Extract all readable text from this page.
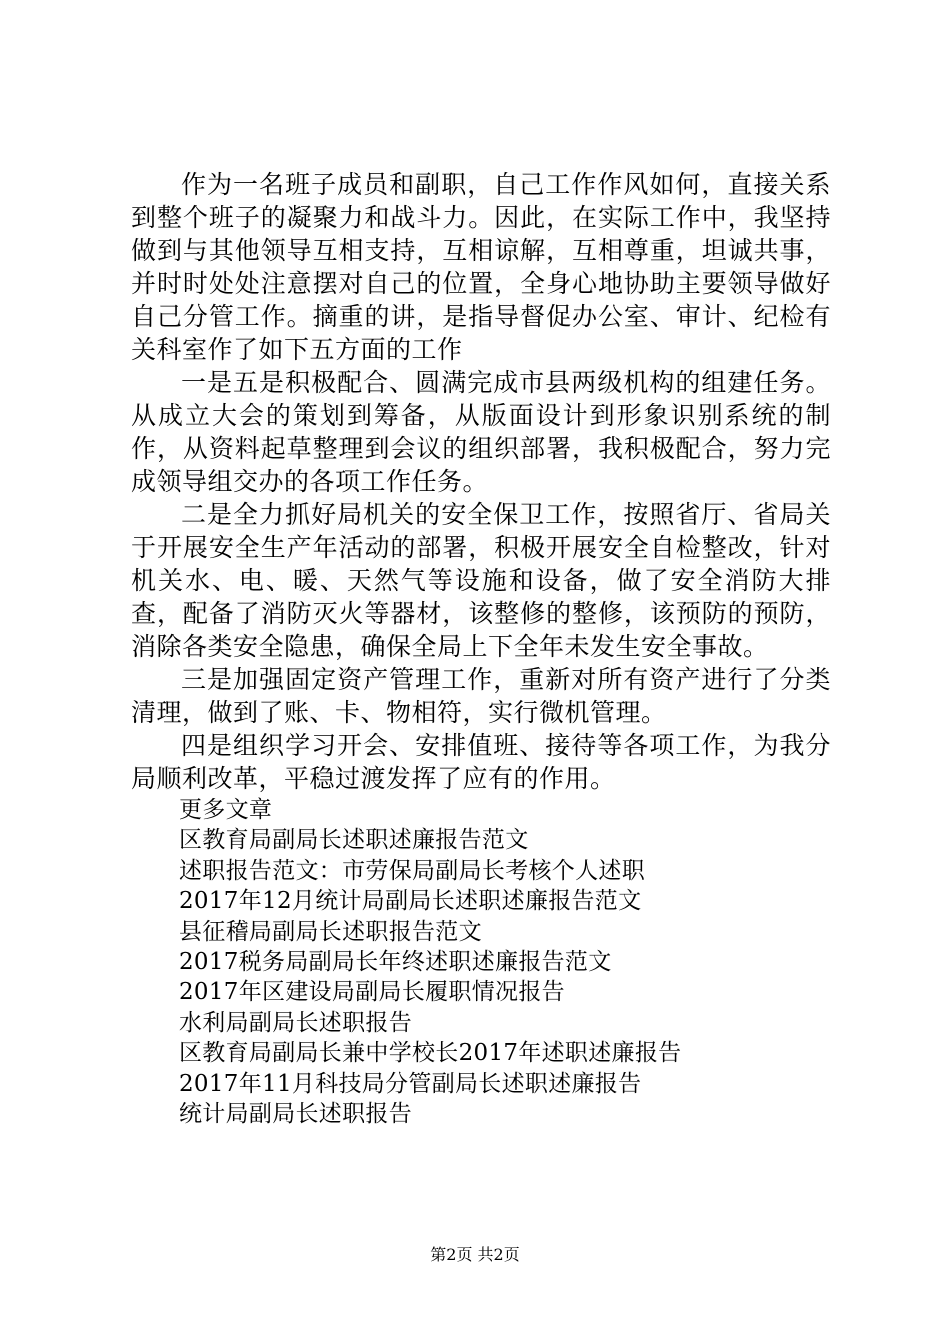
作为一名班子成员和副职，自己工作作风如何，直接关系到整个班子的凝聚力和战斗力。因此，在实际工作中，我坚持做到与其他领导互相支持，互相谅解，互相尊重，坦诚共事，并时时处处注意摆对自己的位置，全身心地协助主要领导做好自己分管工作。摘重的讲，是指导督促办公室、审计、纪检有关科室作了如下五方面的工作

一是五是积极配合、圆满完成市县两级机构的组建任务。从成立大会的策划到筹备，从版面设计到形象识别系统的制作，从资料起草整理到会议的组织部署，我积极配合，努力完成领导组交办的各项工作任务。

二是全力抓好局机关的安全保卫工作，按照省厅、省局关于开展安全生产年活动的部署，积极开展安全自检整改，针对机关水、电、暖、天然气等设施和设备，做了安全消防大排查，配备了消防灭火等器材，该整修的整修，该预防的预防，消除各类安全隐患，确保全局上下全年未发生安全事故。

三是加强固定资产管理工作，重新对所有资产进行了分类清理，做到了账、卡、物相符，实行微机管理。

四是组织学习开会、安排值班、接待等各项工作，为我分局顺利改革，平稳过渡发挥了应有的作用。

更多文章
区教育局副局长述职述廉报告范文
述职报告范文：市劳保局副局长考核个人述职
2017年12月统计局副局长述职述廉报告范文
县征稽局副局长述职报告范文
2017税务局副局长年终述职述廉报告范文
2017年区建设局副局长履职情况报告
水利局副局长述职报告
区教育局副局长兼中学校长2017年述职述廉报告
2017年11月科技局分管副局长述职述廉报告
统计局副局长述职报告
第2页 共2页
